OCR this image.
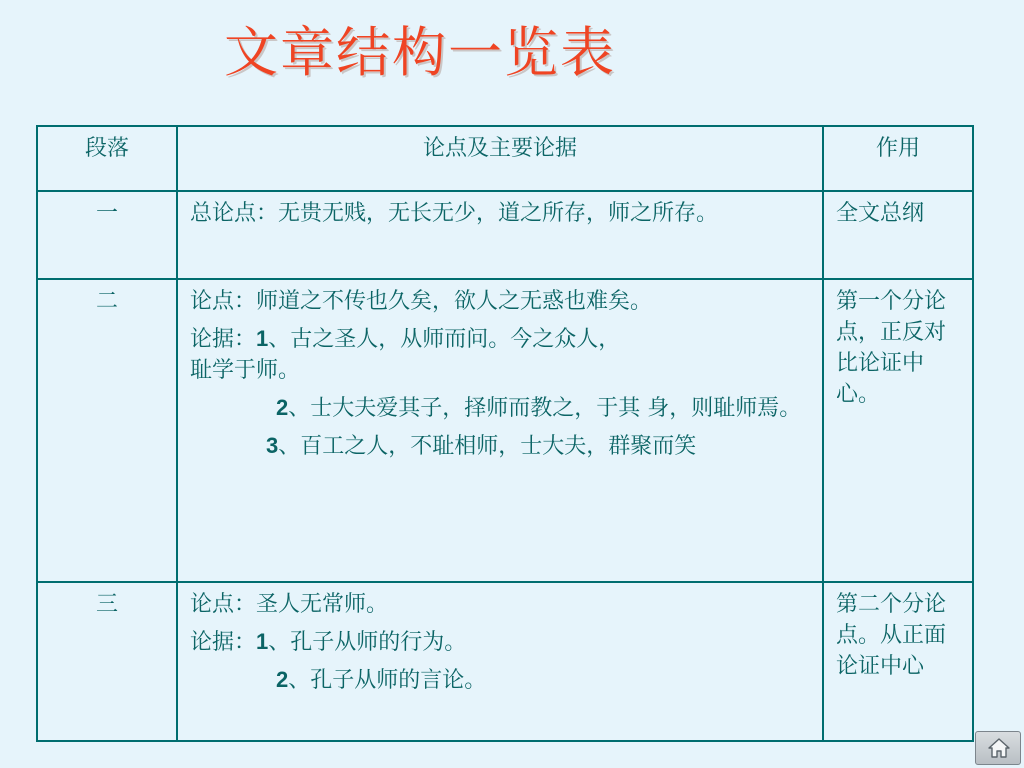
文章结构一览表
段落	论点及主要论据	作用
一	总论点：无贵无贱，无长无少，道之所存，师之所存。	全文总纲
二	论点：师道之不传也久矣，欲人之无惑也难矣。

论据：1、古之圣人，从师而问。今之众人，
耻学于师。

2、士大夫爱其子，择师而教之，于其 身，则耻师焉。

3、百工之人，不耻相师，士大夫，群聚而笑	第一个分论点，正反对比论证中心。
三	论点：圣人无常师。

论据：1、孔子从师的行为。

2、孔子从师的言论。	第二个分论点。从正面论证中心
